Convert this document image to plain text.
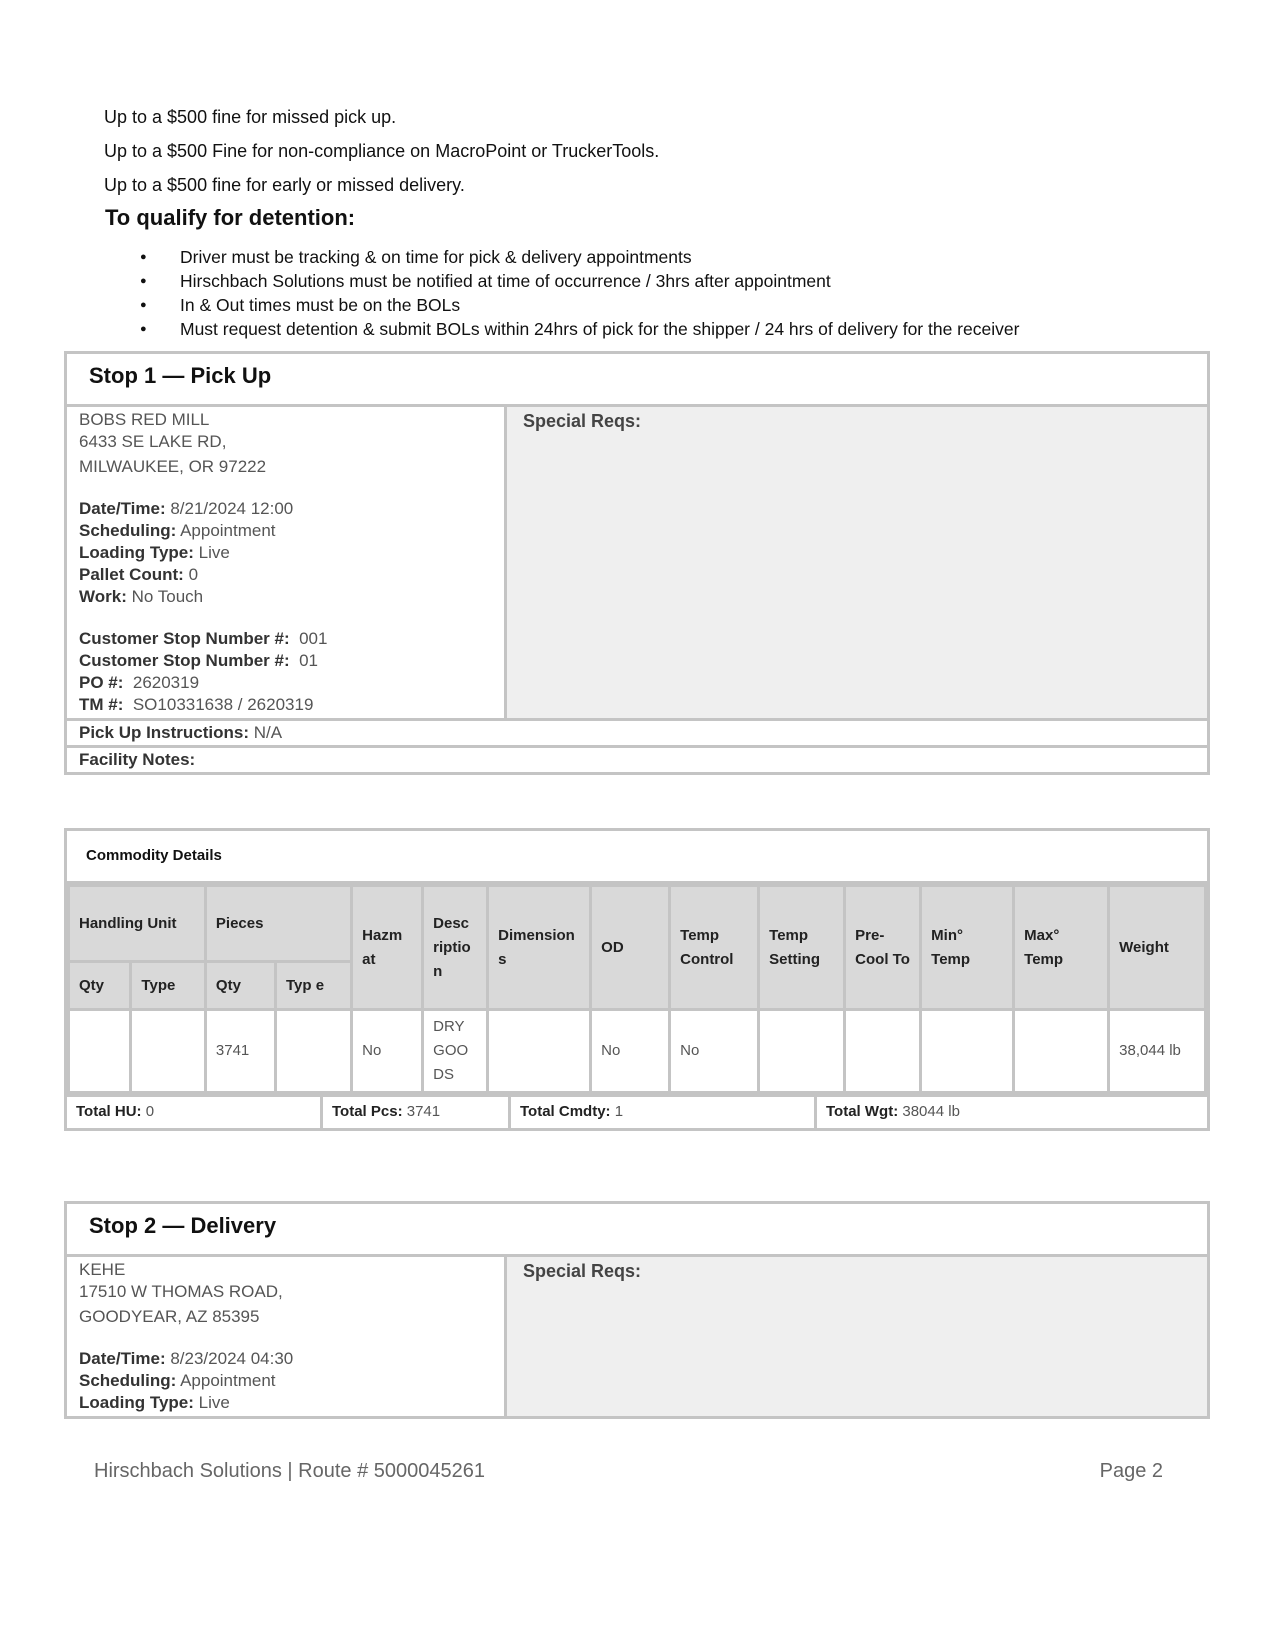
Up to a $500 fine for missed pick up.
Up to a $500 Fine for non-compliance on MacroPoint or TruckerTools.
Up to a $500 fine for early or missed delivery.
To qualify for detention:
● Driver must be tracking & on time for pick & delivery appointments
● Hirschbach Solutions must be notified at time of occurrence / 3hrs after appointment
● In & Out times must be on the BOLs
● Must request detention & submit BOLs within 24hrs of pick for the shipper / 24 hrs of delivery for the receiver
Stop 1 — Pick Up
BOBS RED MILL
6433 SE LAKE RD,
MILWAUKEE, OR 97222
Date/Time: 8/21/2024 12:00
Scheduling: Appointment
Loading Type: Live
Pallet Count: 0
Work: No Touch
Customer Stop Number #: 001
Customer Stop Number #: 01
PO #: 2620319
TM #: SO10331638 / 2620319
Special Reqs:
Pick Up Instructions: N/A
Facility Notes:
Commodity Details
Handling Unit		Pieces		Hazm at	Desc riptio n	Dimension s	OD	Temp Control	Temp Setting	Pre- Cool To	Min° Temp	Max° Temp	Weight
Qty	Type	Qty	Typ e										
		3741		No	DRY GOO DS		No	No					38,044 lb
Total HU: 0	Total Pcs: 3741	Total Cmdty: 1	Total Wgt: 38044 lb
Stop 2 — Delivery
KEHE
17510 W THOMAS ROAD,
GOODYEAR, AZ 85395
Date/Time: 8/23/2024 04:30
Scheduling: Appointment
Loading Type: Live
Special Reqs:
Hirschbach Solutions | Route # 5000045261	Page 2
